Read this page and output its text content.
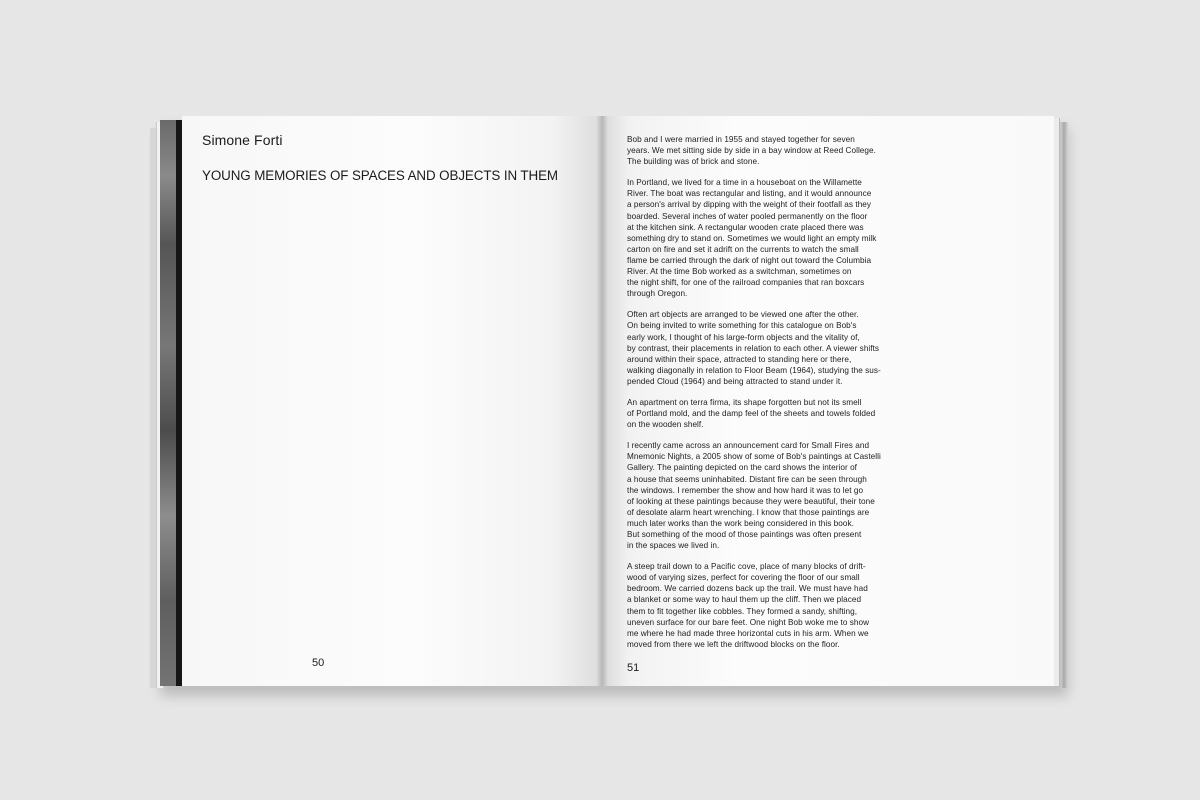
Simone Forti

YOUNG MEMORIES OF SPACES AND OBJECTS IN THEM
50

Bob and I were married in 1955 and stayed together for seven
years. We met sitting side by side in a bay window at Reed College.
The building was of brick and stone.

In Portland, we lived for a time in a houseboat on the Willamette
River. The boat was rectangular and listing, and it would announce
a person's arrival by dipping with the weight of their footfall as they
boarded. Several inches of water pooled permanently on the floor
at the kitchen sink. A rectangular wooden crate placed there was
something dry to stand on. Sometimes we would light an empty milk
carton on fire and set it adrift on the currents to watch the small
flame be carried through the dark of night out toward the Columbia
River. At the time Bob worked as a switchman, sometimes on
the night shift, for one of the railroad companies that ran boxcars
through Oregon.

Often art objects are arranged to be viewed one after the other.
On being invited to write something for this catalogue on Bob's
early work, I thought of his large-form objects and the vitality of,
by contrast, their placements in relation to each other. A viewer shifts
around within their space, attracted to standing here or there,
walking diagonally in relation to Floor Beam (1964), studying the sus-
pended Cloud (1964) and being attracted to stand under it.

An apartment on terra firma, its shape forgotten but not its smell
of Portland mold, and the damp feel of the sheets and towels folded
on the wooden shelf.

I recently came across an announcement card for Small Fires and
Mnemonic Nights, a 2005 show of some of Bob's paintings at Castelli
Gallery. The painting depicted on the card shows the interior of
a house that seems uninhabited. Distant fire can be seen through
the windows. I remember the show and how hard it was to let go
of looking at these paintings because they were beautiful, their tone
of desolate alarm heart wrenching. I know that those paintings are
much later works than the work being considered in this book.
But something of the mood of those paintings was often present
in the spaces we lived in.

A steep trail down to a Pacific cove, place of many blocks of drift-
wood of varying sizes, perfect for covering the floor of our small
bedroom. We carried dozens back up the trail. We must have had
a blanket or some way to haul them up the cliff. Then we placed
them to fit together like cobbles. They formed a sandy, shifting,
uneven surface for our bare feet. One night Bob woke me to show
me where he had made three horizontal cuts in his arm. When we
moved from there we left the driftwood blocks on the floor.

51
